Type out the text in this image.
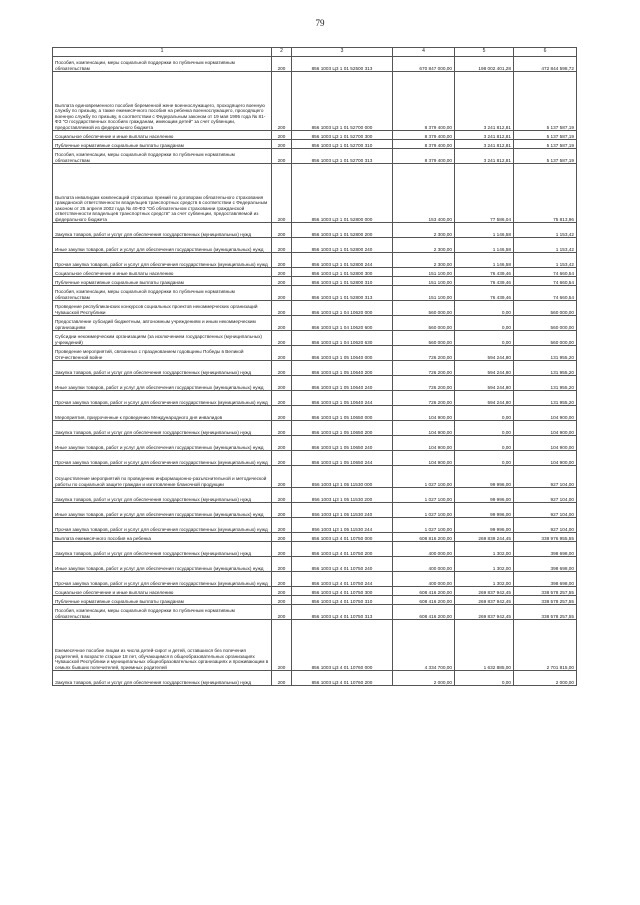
79
1	2	3	4	5	6
Пособия, компенсации, меры социальной поддержки по публичным нормативным обязательствам	200	856 1003 Ц3 1 01 52500 313	670 847 000,00	198 002 401,28	472 844 598,72
Выплата единовременного пособия беременной жене военнослужащего, проходящего военную службу по призыву, а также ежемесячного пособия на ребенка военнослужащего, проходящего военную службу по призыву, в соответствии с Федеральным законом от 19 мая 1995 года № 81-ФЗ "О государственных пособиях гражданам, имеющим детей" за счет субвенции, предоставляемой из федерального бюджета	200	856 1003 Ц3 1 01 52700 000	8 379 400,00	3 241 812,81	5 137 587,19
Социальное обеспечение и иные выплаты населению	200	856 1003 Ц3 1 01 52700 300	8 379 400,00	3 241 812,81	5 137 587,19
Публичные нормативные социальные выплаты гражданам	200	856 1003 Ц3 1 01 52700 310	8 379 400,00	3 241 812,81	5 137 587,19
Пособия, компенсации, меры социальной поддержки по публичным нормативным обязательствам	200	856 1003 Ц3 1 01 52700 313	8 379 400,00	3 241 812,81	5 137 587,19
Выплата инвалидам компенсаций страховых премий по договорам обязательного страхования гражданской ответственности владельцев транспортных средств в соответствии с Федеральным законом от 25 апреля 2002 года № 40-ФЗ "Об обязательном страховании гражданской ответственности владельцев транспортных средств" за счет субвенции, предоставляемой из федерального бюджета	200	856 1003 Ц3 1 01 52800 000	153 400,00	77 586,04	75 813,96
Закупка товаров, работ и услуг для обеспечения государственных (муниципальных) нужд	200	856 1003 Ц3 1 01 52800 200	2 300,00	1 146,58	1 153,42
Иные закупки товаров, работ и услуг для обеспечения государственных (муниципальных) нужд	200	856 1003 Ц3 1 01 52800 240	2 300,00	1 146,58	1 153,42
Прочая закупка товаров, работ и услуг для обеспечения государственных (муниципальных) нужд	200	856 1003 Ц3 1 01 52800 244	2 300,00	1 146,58	1 153,42
Социальное обеспечение и иные выплаты населению	200	856 1003 Ц3 1 01 52800 300	151 100,00	76 439,46	74 660,54
Публичные нормативные социальные выплаты гражданам	200	856 1003 Ц3 1 01 52800 310	151 100,00	76 439,46	74 660,54
Пособия, компенсации, меры социальной поддержки по публичным нормативным обязательствам	200	856 1003 Ц3 1 01 52800 313	151 100,00	76 439,46	74 660,54
Проведение республиканских конкурсов социальных проектов некоммерческих организаций Чувашской Республики	200	856 1003 Ц3 1 04 10620 000	560 000,00	0,00	560 000,00
Предоставление субсидий бюджетным, автономным учреждениям и иным некоммерческим организациям	200	856 1003 Ц3 1 04 10620 600	560 000,00	0,00	560 000,00
Субсидии некоммерческим организациям (за исключением государственных (муниципальных) учреждений)	200	856 1003 Ц3 1 04 10620 630	560 000,00	0,00	560 000,00
Проведение мероприятий, связанных с празднованием годовщины Победы в Великой Отечественной войне	200	856 1003 Ц3 1 05 10640 000	726 200,00	594 244,80	131 955,20
Закупка товаров, работ и услуг для обеспечения государственных (муниципальных) нужд	200	856 1003 Ц3 1 05 10640 200	726 200,00	594 244,80	131 955,20
Иные закупки товаров, работ и услуг для обеспечения государственных (муниципальных) нужд	200	856 1003 Ц3 1 05 10640 240	726 200,00	594 244,80	131 955,20
Прочая закупка товаров, работ и услуг для обеспечения государственных (муниципальных) нужд	200	856 1003 Ц3 1 05 10640 244	726 200,00	594 244,80	131 955,20
Мероприятия, приуроченные к проведению Международного дня инвалидов	200	856 1003 Ц3 1 05 10650 000	104 900,00	0,00	104 900,00
Закупка товаров, работ и услуг для обеспечения государственных (муниципальных) нужд	200	856 1003 Ц3 1 05 10650 200	104 900,00	0,00	104 900,00
Иные закупки товаров, работ и услуг для обеспечения государственных (муниципальных) нужд	200	856 1003 Ц3 1 05 10650 240	104 900,00	0,00	104 900,00
Прочая закупка товаров, работ и услуг для обеспечения государственных (муниципальных) нужд	200	856 1003 Ц3 1 05 10650 244	104 900,00	0,00	104 900,00
Осуществление мероприятий по проведению информационно-разъяснительной и методической работы по социальной защите граждан и изготовление бланочной продукции	200	856 1003 Ц3 1 05 11530 000	1 027 100,00	99 996,00	927 104,00
Закупка товаров, работ и услуг для обеспечения государственных (муниципальных) нужд	200	856 1003 Ц3 1 05 11530 200	1 027 100,00	99 996,00	927 104,00
Иные закупки товаров, работ и услуг для обеспечения государственных (муниципальных) нужд	200	856 1003 Ц3 1 05 11530 240	1 027 100,00	99 996,00	927 104,00
Прочая закупка товаров, работ и услуг для обеспечения государственных (муниципальных) нужд	200	856 1003 Ц3 1 05 11530 244	1 027 100,00	99 996,00	927 104,00
Выплата ежемесячного пособия на ребенка	200	856 1003 Ц3 4 01 10750 000	608 816 200,00	269 839 244,45	338 976 955,55
Закупка товаров, работ и услуг для обеспечения государственных (муниципальных) нужд	200	856 1003 Ц3 4 01 10750 200	400 000,00	1 302,00	398 698,00
Иные закупки товаров, работ и услуг для обеспечения государственных (муниципальных) нужд	200	856 1003 Ц3 4 01 10750 240	400 000,00	1 302,00	398 698,00
Прочая закупка товаров, работ и услуг для обеспечения государственных (муниципальных) нужд	200	856 1003 Ц3 4 01 10750 244	400 000,00	1 302,00	398 698,00
Социальное обеспечение и иные выплаты населению	200	856 1003 Ц3 4 01 10750 300	608 416 200,00	269 837 942,45	338 578 257,55
Публичные нормативные социальные выплаты гражданам	200	856 1003 Ц3 4 01 10750 310	608 416 200,00	269 837 942,45	338 578 257,55
Пособия, компенсации, меры социальной поддержки по публичным нормативным обязательствам	200	856 1003 Ц3 4 01 10750 313	608 416 200,00	269 837 942,45	338 578 257,55
Ежемесячное пособие лицам из числа детей-сирот и детей, оставшихся без попечения родителей, в возрасте старше 18 лет, обучающимся в общеобразовательных организациях Чувашской Республики и муниципальных общеобразовательных организациях и проживающим в семьях бывших попечителей, приемных родителей	200	856 1003 Ц3 4 01 10760 000	4 334 700,00	1 632 885,00	2 701 815,00
Закупка товаров, работ и услуг для обеспечения государственных (муниципальных) нужд	200	856 1003 Ц3 4 01 10760 200	2 000,00	0,00	2 000,00
